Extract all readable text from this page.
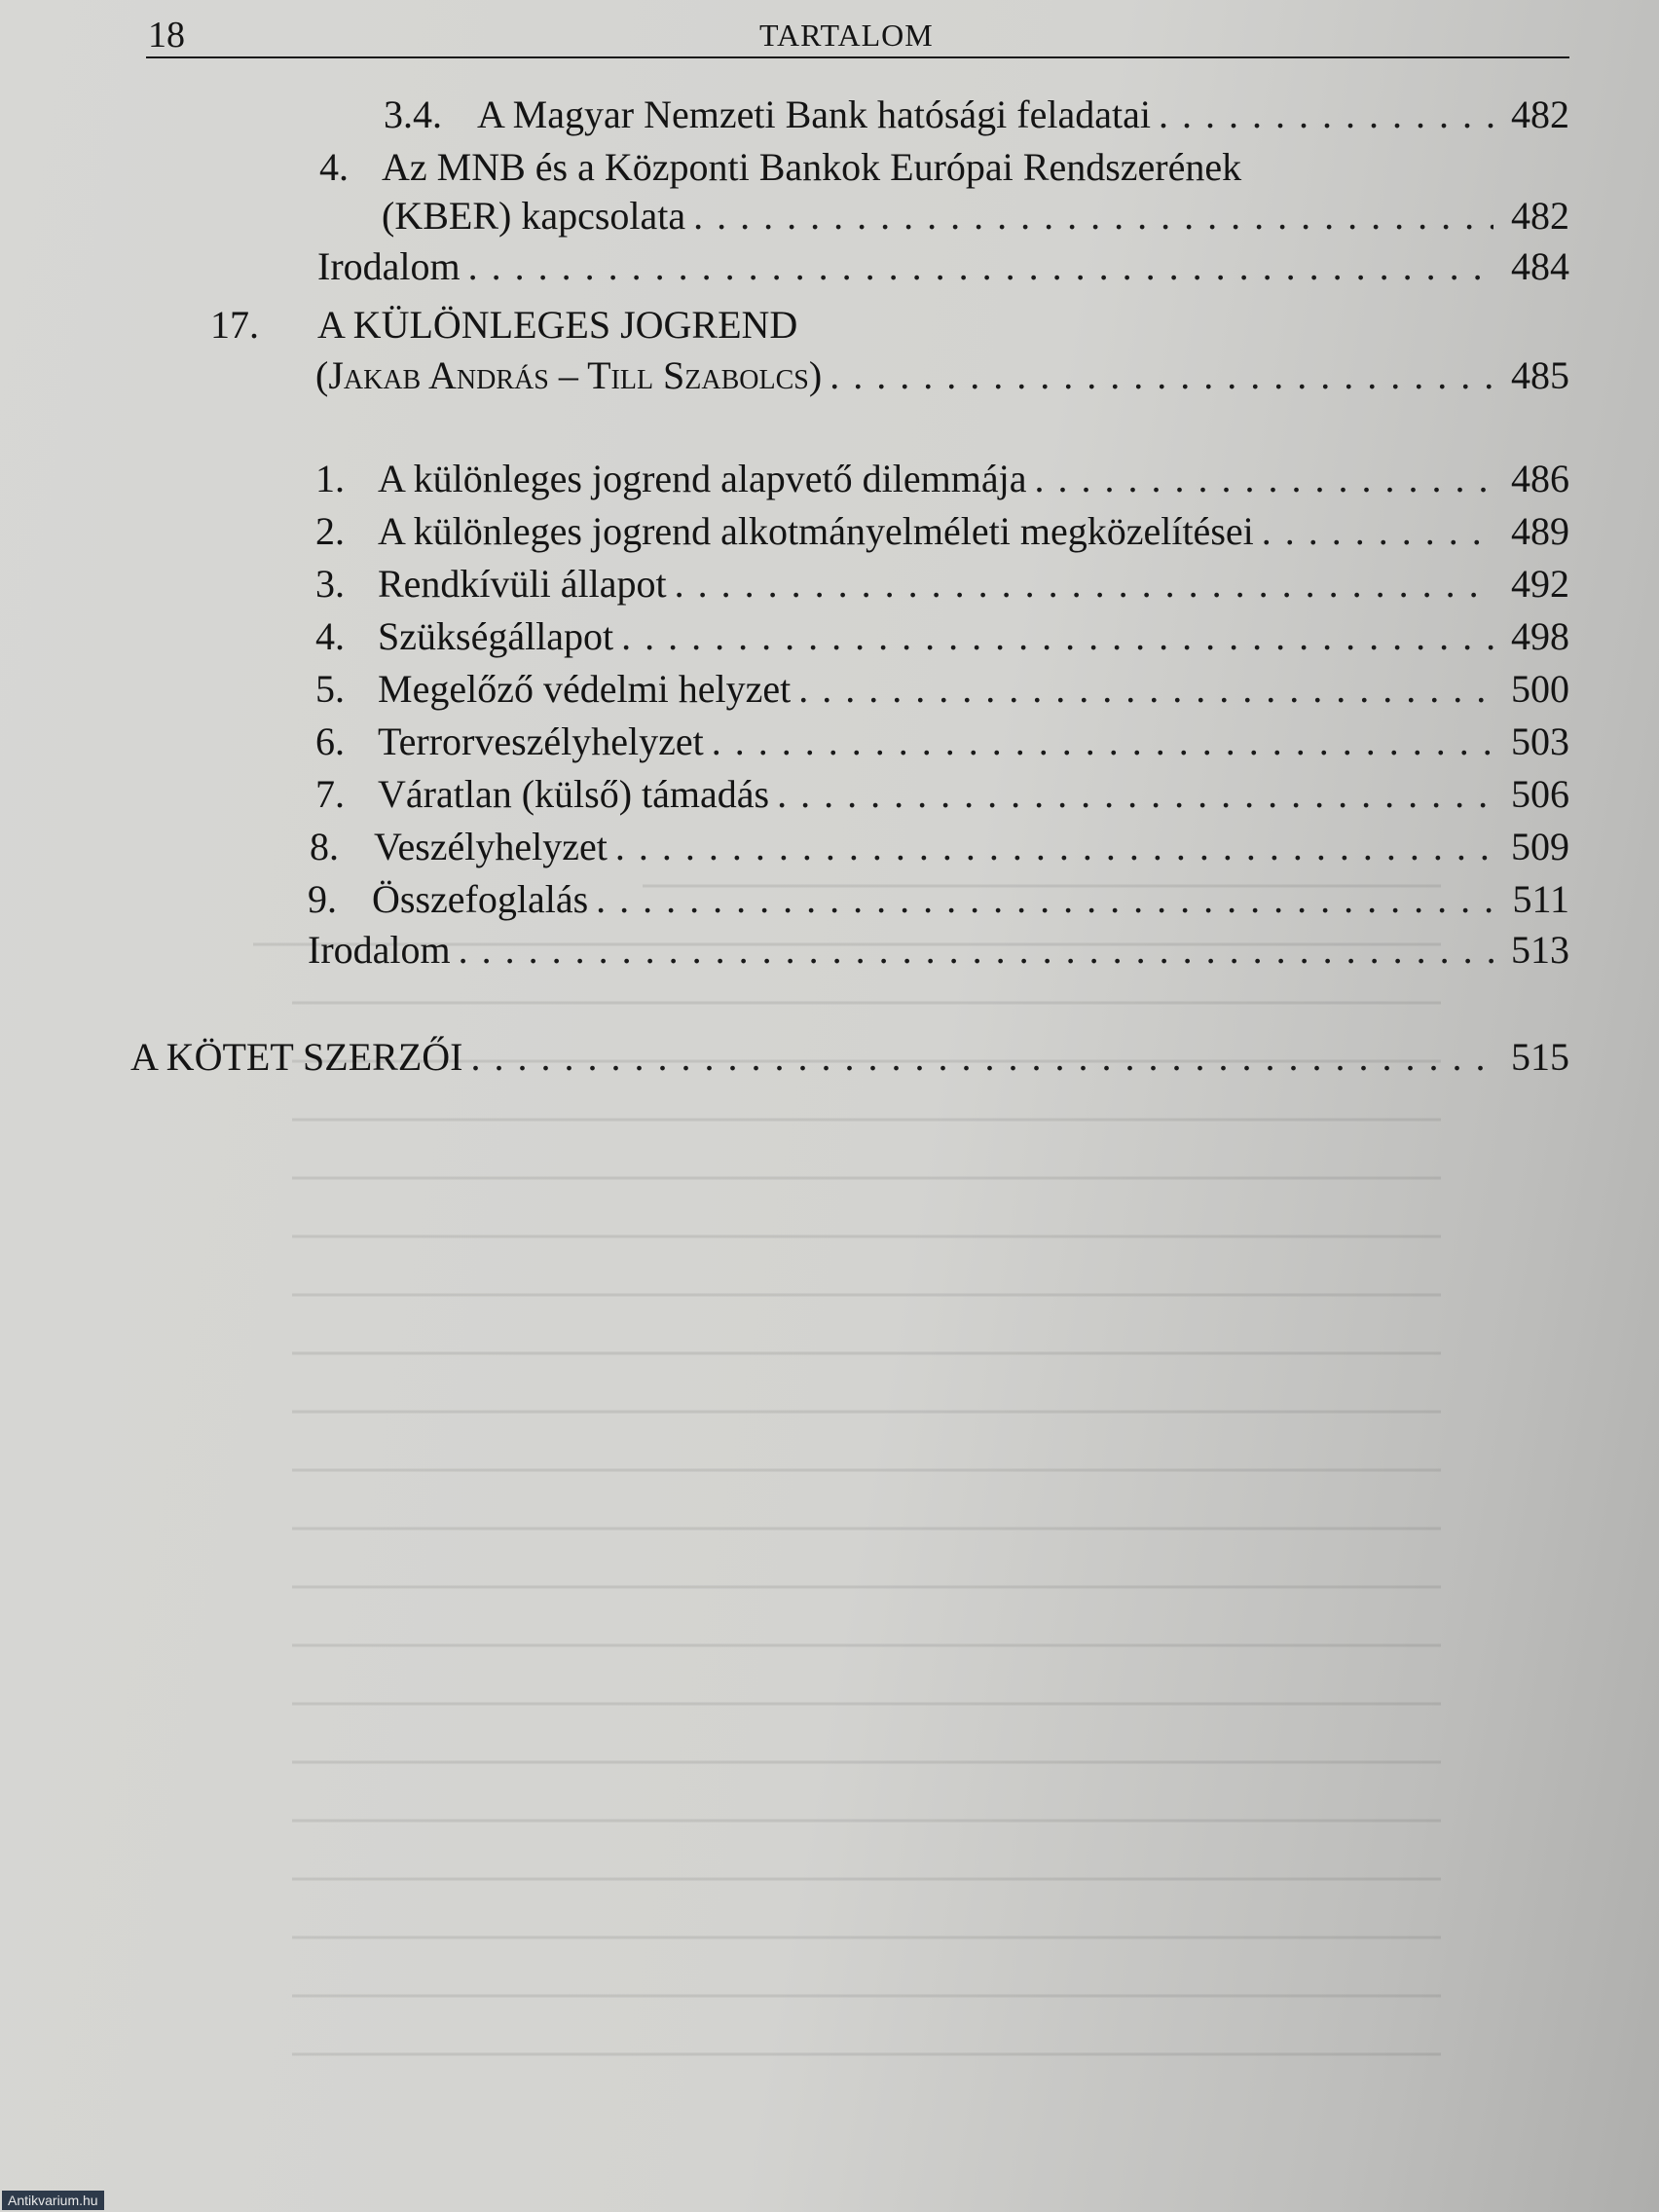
18	TARTALOM
3.4. A Magyar Nemzeti Bank hatósági feladatai . . .	482
4. Az MNB és a Központi Bankok Európai Rendszerének
(KBER) kapcsolata . . .	482
Irodalom . . .	484
17. A KÜLÖNLEGES JOGREND
(Jakab András – Till Szabolcs) . . .	485
1. A különleges jogrend alapvető dilemmája . . .	486
2. A különleges jogrend alkotmányelméleti megközelítései . . .	489
3. Rendkívüli állapot . . .	492
4. Szükségállapot . . .	498
5. Megelőző védelmi helyzet . . .	500
6. Terrorveszélyhelyzet . . .	503
7. Váratlan (külső) támadás . . .	506
8. Veszélyhelyzet . . .	509
9. Összefoglalás . . .	511
Irodalom . . .	513
A KÖTET SZERZŐI . . .	515
Antikvarium.hu
